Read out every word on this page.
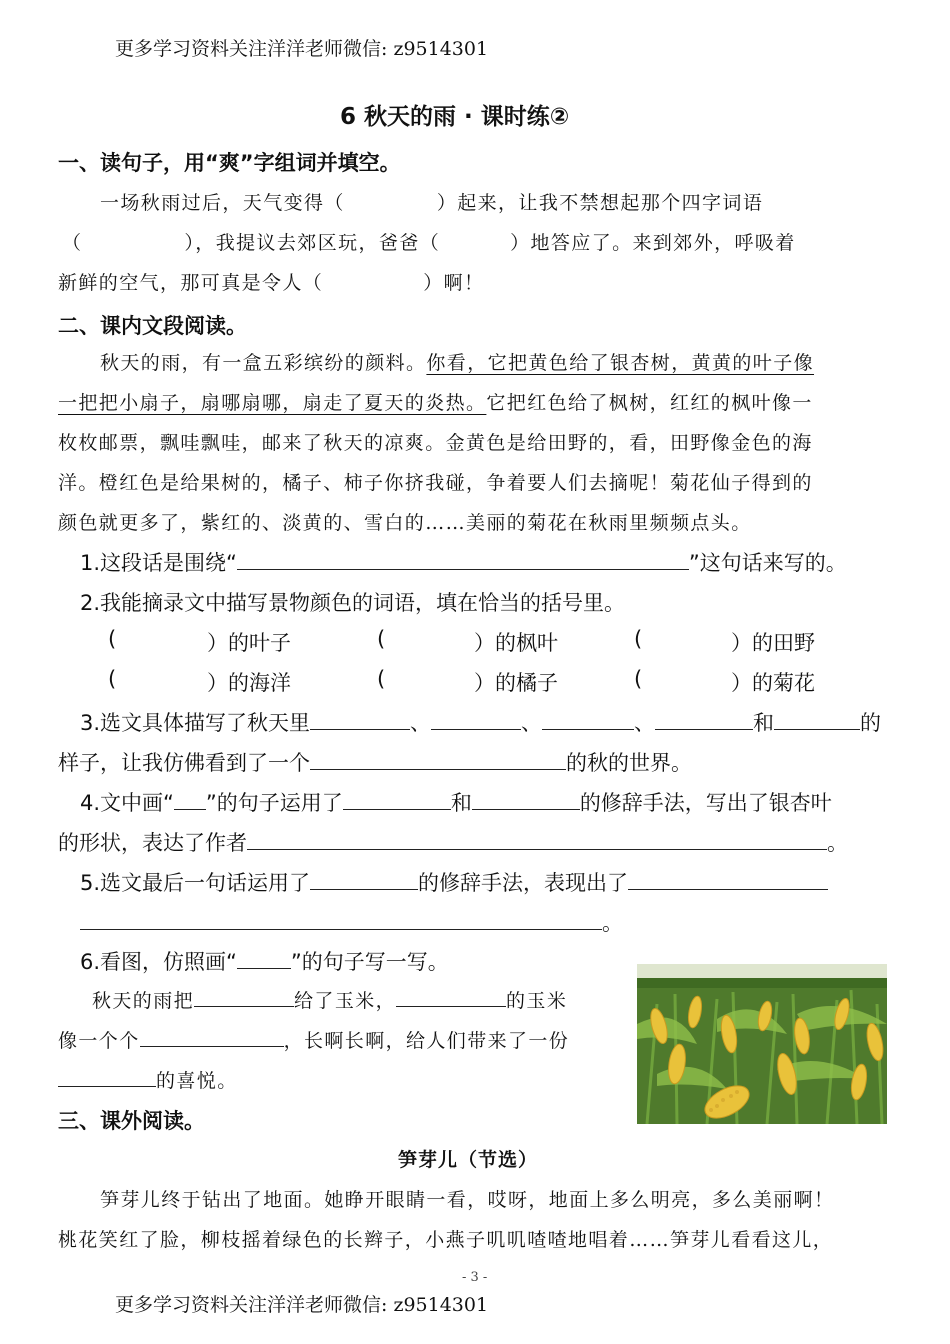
更多学习资料关注洋洋老师微信: z9514301
6 秋天的雨 · 课时练②
一、读句子，用“爽”字组词并填空。
一场秋雨过后，天气变得（	）起来，让我不禁想起那个四字词语
（	），我提议去郊区玩，爸爸（	）地答应了。来到郊外，呼吸着
新鲜的空气，那可真是令人（	）啊！
二、课内文段阅读。
秋天的雨，有一盒五彩缤纷的颜料。你看，它把黄色给了银杏树，黄黄的叶子像
一把把小扇子，扇哪扇哪，扇走了夏天的炎热。它把红色给了枫树，红红的枫叶像一
枚枚邮票，飘哇飘哇，邮来了秋天的凉爽。金黄色是给田野的，看，田野像金色的海
洋。橙红色是给果树的，橘子、柿子你挤我碰，争着要人们去摘呢！菊花仙子得到的
颜色就更多了，紫红的、淡黄的、雪白的……美丽的菊花在秋雨里频频点头。
1.这段话是围绕“	”这句话来写的。
2.我能摘录文中描写景物颜色的词语，填在恰当的括号里。
(	）的叶子	(	）的枫叶	(	）的田野
(	）的海洋	(	）的橘子	(	）的菊花
3.选文具体描写了秋天里	、	、	、	和	的
样子，让我仿佛看到了一个	的秋的世界。
4.文中画“ ”的句子运用了	和	的修辞手法，写出了银杏叶
的形状，表达了作者	。
5.选文最后一句话运用了	的修辞手法，表现出了
。
6.看图，仿照画“	”的句子写一写。
秋天的雨把	给了玉米，	的玉米
像一个个	，长啊长啊，给人们带来了一份
的喜悦。
三、课外阅读。
笋芽儿（节选）
笋芽儿终于钻出了地面。她睁开眼睛一看，哎呀，地面上多么明亮，多么美丽啊！
桃花笑红了脸，柳枝摇着绿色的长辫子，小燕子叽叽喳喳地唱着……笋芽儿看看这儿，
- 3 -
更多学习资料关注洋洋老师微信: z9514301
